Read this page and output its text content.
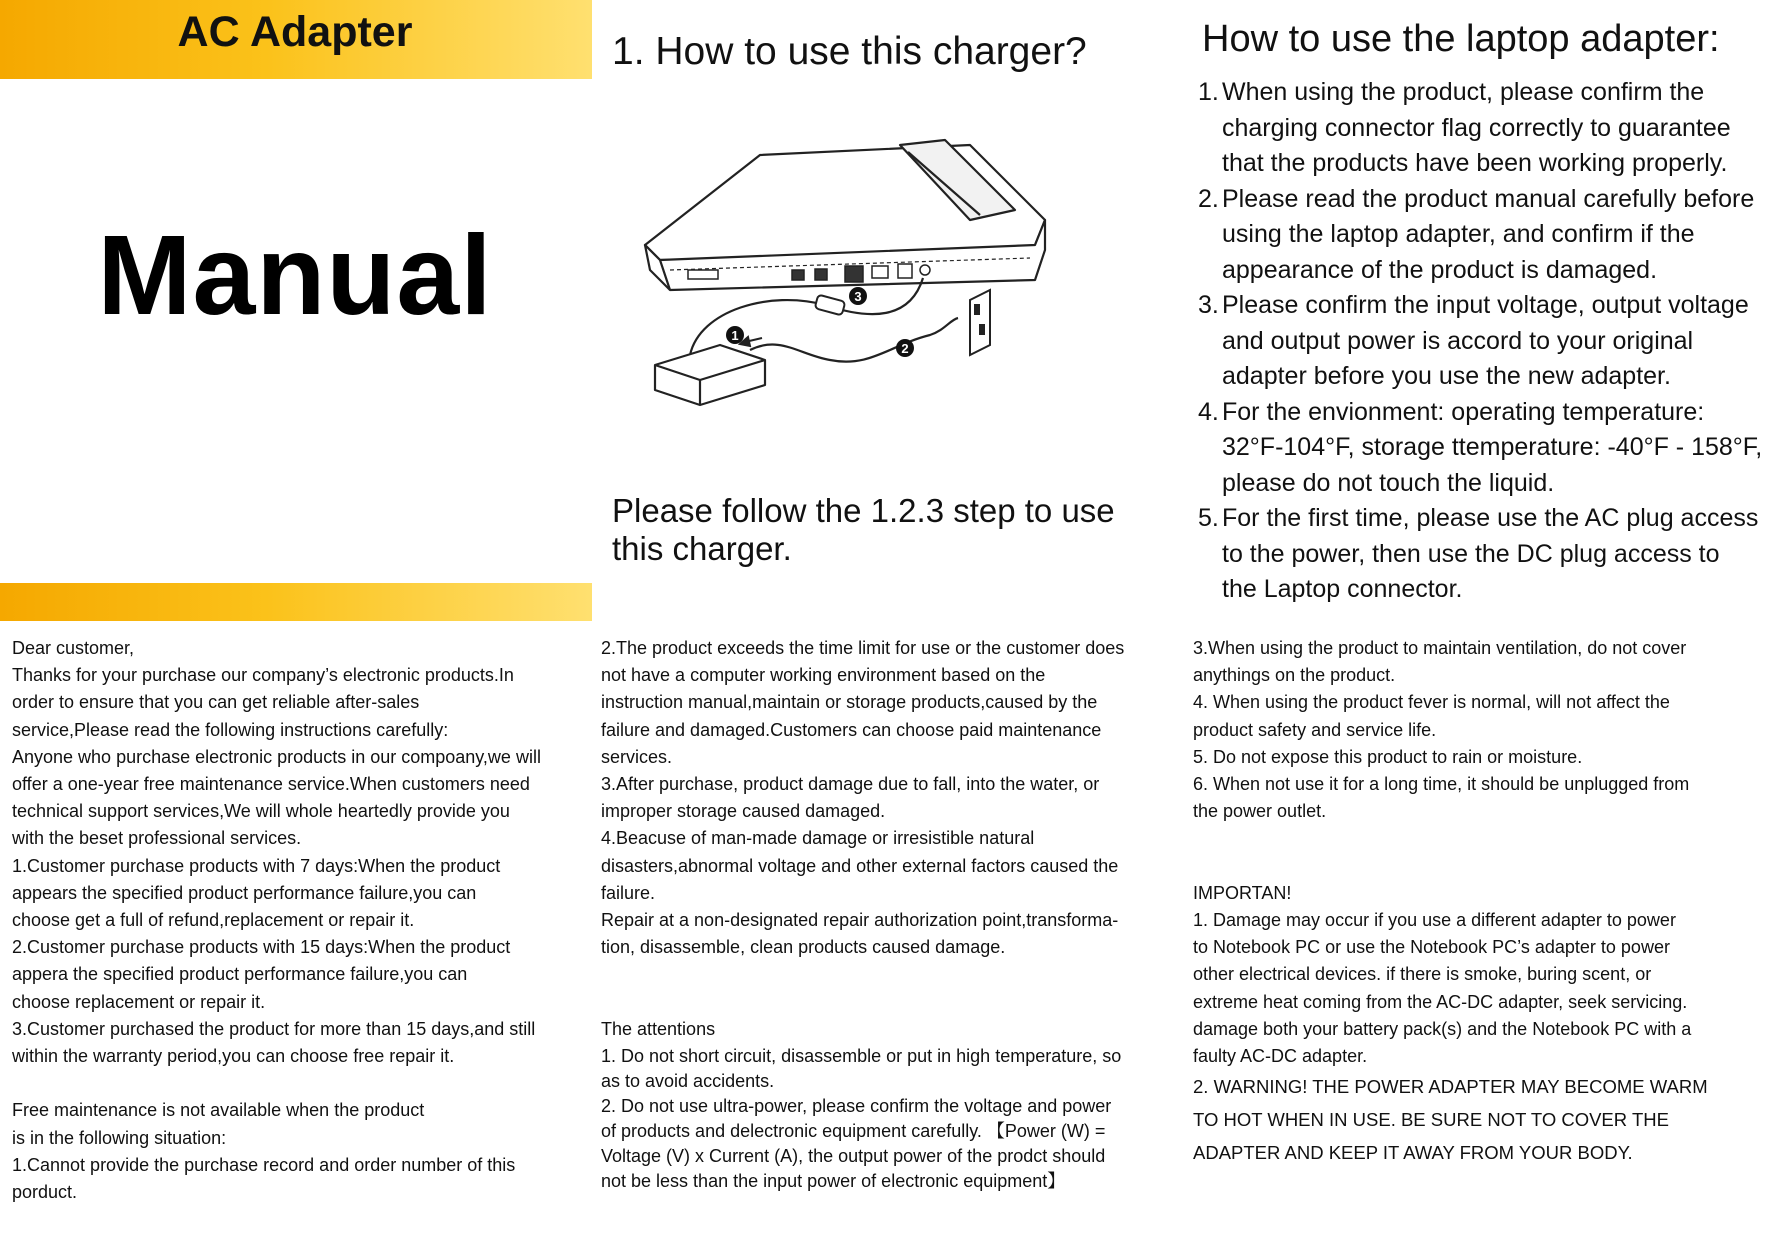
AC Adapter
Manual
1. How to use this charger?
1
2
3
Please follow the 1.2.3 step to use this charger.
How to use the laptop adapter:
1. When using the product, please confirm the
charging connector flag correctly to guarantee
that the products have been working properly.
2. Please read the product manual carefully before
using the laptop adapter, and confirm if the
appearance of the product is damaged.
3. Please confirm the input voltage, output voltage
and output power is accord to your original
adapter before you use the new adapter.
4. For the envionment: operating temperature:
32°F-104°F, storage ttemperature: -40°F - 158°F,
please do not touch the liquid.
5. For the first time, please use the AC plug access
to the power, then use the DC plug access to
the Laptop connector.

Dear customer,

Thanks for your purchase our company’s electronic products.In

order to ensure that you can get reliable after-sales

service,Please read the following instructions carefully:

Anyone who purchase electronic products in our compoany,we will

offer a one-year free maintenance service.When customers need

technical support services,We will whole heartedly provide you

with the beset professional services.

1.Customer purchase products with 7 days:When the product

appears the specified product performance failure,you can

choose get a full of refund,replacement or repair it.

2.Customer purchase products with 15 days:When the product

appera the specified product performance failure,you can

choose replacement or repair it.

3.Customer purchased the product for more than 15 days,and still

within the warranty period,you can choose free repair it.

Free maintenance is not available when the product

is in the following situation:

1.Cannot provide the purchase record and order number of this

porduct.

2.The product exceeds the time limit for use or the customer does

not have a computer working environment based on the

instruction manual,maintain or storage products,caused by the

failure and damaged.Customers can choose paid maintenance

services.

3.After purchase, product damage due to fall, into the water, or

improper storage caused damaged.

4.Beacuse of man-made damage or irresistible natural

disasters,abnormal voltage and other external factors caused the

failure.

Repair at a non-designated repair authorization point,transforma-

tion, disassemble, clean products caused damage.

The attentions

1. Do not short circuit, disassemble or put in high temperature, so

as to avoid accidents.

2. Do not use ultra-power, please confirm the voltage and power

of products and delectronic equipment carefully. 【Power (W) =

Voltage (V) x Current (A), the output power of the prodct should

not be less than the input power of electronic equipment】

3.When using the product to maintain ventilation, do not cover

anythings on the product.

4. When using the product fever is normal, will not affect the

product safety and service life.

5. Do not expose this product to rain or moisture.

6. When not use it for a long time, it should be unplugged from

the power outlet.

IMPORTAN!

1. Damage may occur if you use a different adapter to power

to Notebook PC or use the Notebook PC’s adapter to power

other electrical devices. if there is smoke, buring scent, or

extreme heat coming from the AC-DC adapter, seek servicing.

damage both your battery pack(s) and the Notebook PC with a

faulty AC-DC adapter.

2. WARNING! THE POWER ADAPTER MAY BECOME WARM

TO HOT WHEN IN USE. BE SURE NOT TO COVER THE

ADAPTER AND KEEP IT AWAY FROM YOUR BODY.
